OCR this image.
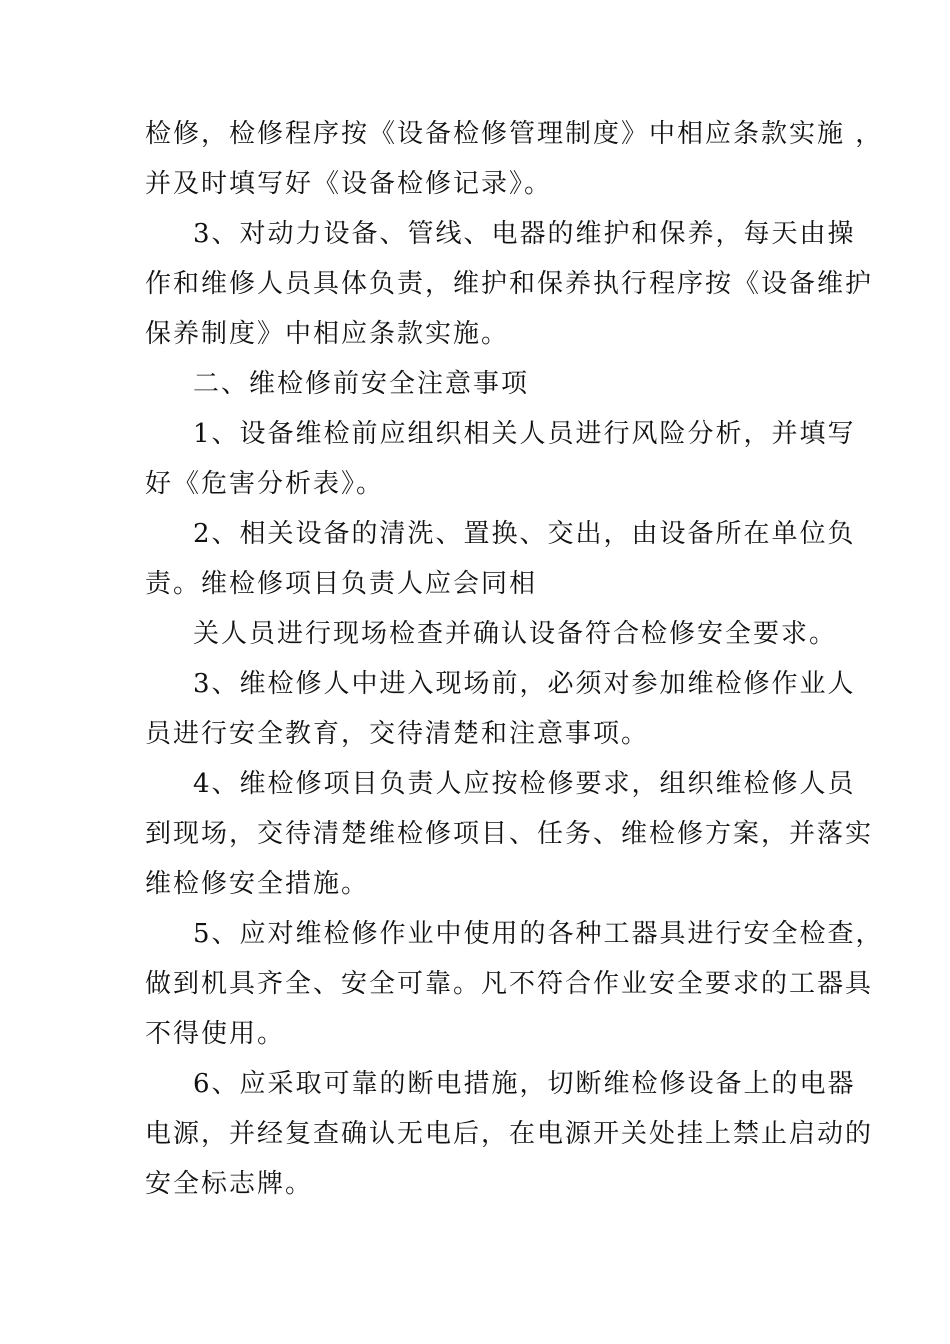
检修，检修程序按《设备检修管理制度》中相应条款实施 ，
并及时填写好《设备检修记录》。
3、对动力设备、管线、电器的维护和保养，每天由操
作和维修人员具体负责，维护和保养执行程序按《设备维护
保养制度》中相应条款实施。
二、维检修前安全注意事项
1、设备维检前应组织相关人员进行风险分析，并填写
好《危害分析表》。
2、相关设备的清洗、置换、交出，由设备所在单位负
责。维检修项目负责人应会同相
关人员进行现场检查并确认设备符合检修安全要求。
3、维检修人中进入现场前，必须对参加维检修作业人
员进行安全教育，交待清楚和注意事项。
4、维检修项目负责人应按检修要求，组织维检修人员
到现场，交待清楚维检修项目、任务、维检修方案，并落实
维检修安全措施。
5、应对维检修作业中使用的各种工器具进行安全检查，
做到机具齐全、安全可靠。凡不符合作业安全要求的工器具
不得使用。
6、应采取可靠的断电措施，切断维检修设备上的电器
电源，并经复查确认无电后，在电源开关处挂上禁止启动的
安全标志牌。
